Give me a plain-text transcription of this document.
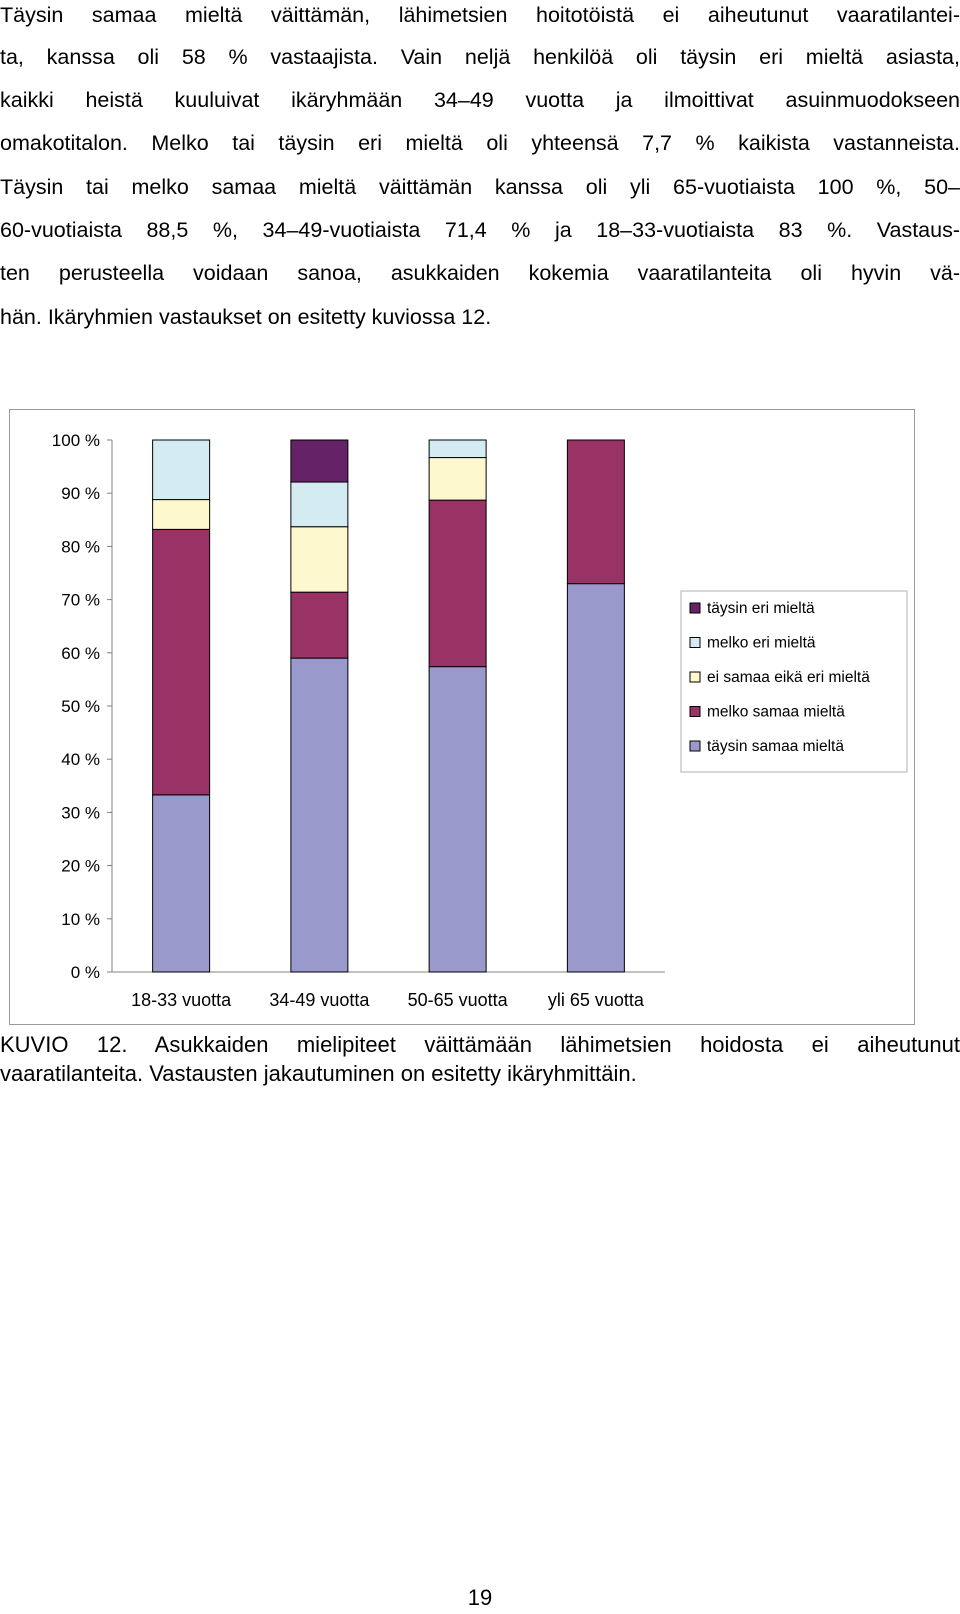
Täysin samaa mieltä väittämän, lähimetsien hoitotöistä ei aiheutunut vaaratilantei-
ta, kanssa oli 58 % vastaajista. Vain neljä henkilöä oli täysin eri mieltä asiasta,
kaikki heistä kuuluivat ikäryhmään 34–49 vuotta ja ilmoittivat asuinmuodokseen
omakotitalon. Melko tai täysin eri mieltä oli yhteensä 7,7 % kaikista vastanneista.
Täysin tai melko samaa mieltä väittämän kanssa oli yli 65-vuotiaista 100 %, 50–
60-vuotiaista 88,5 %, 34–49-vuotiaista 71,4 % ja 18–33-vuotiaista 83 %. Vastaus-
ten perusteella voidaan sanoa, asukkaiden kokemia vaaratilanteita oli hyvin vä-
hän. Ikäryhmien vastaukset on esitetty kuviossa 12.
0 %
10 %
20 %
30 %
40 %
50 %
60 %
70 %
80 %
90 %
100 %
18-33 vuotta 34-49 vuotta 50-65 vuotta yli 65 vuotta
täysin eri mieltä
melko eri mieltä
ei samaa eikä eri mieltä
melko samaa mieltä
täysin samaa mieltä
KUVIO 12. Asukkaiden mielipiteet väittämään lähimetsien hoidosta ei aiheutunut
vaaratilanteita. Vastausten jakautuminen on esitetty ikäryhmittäin.
19
